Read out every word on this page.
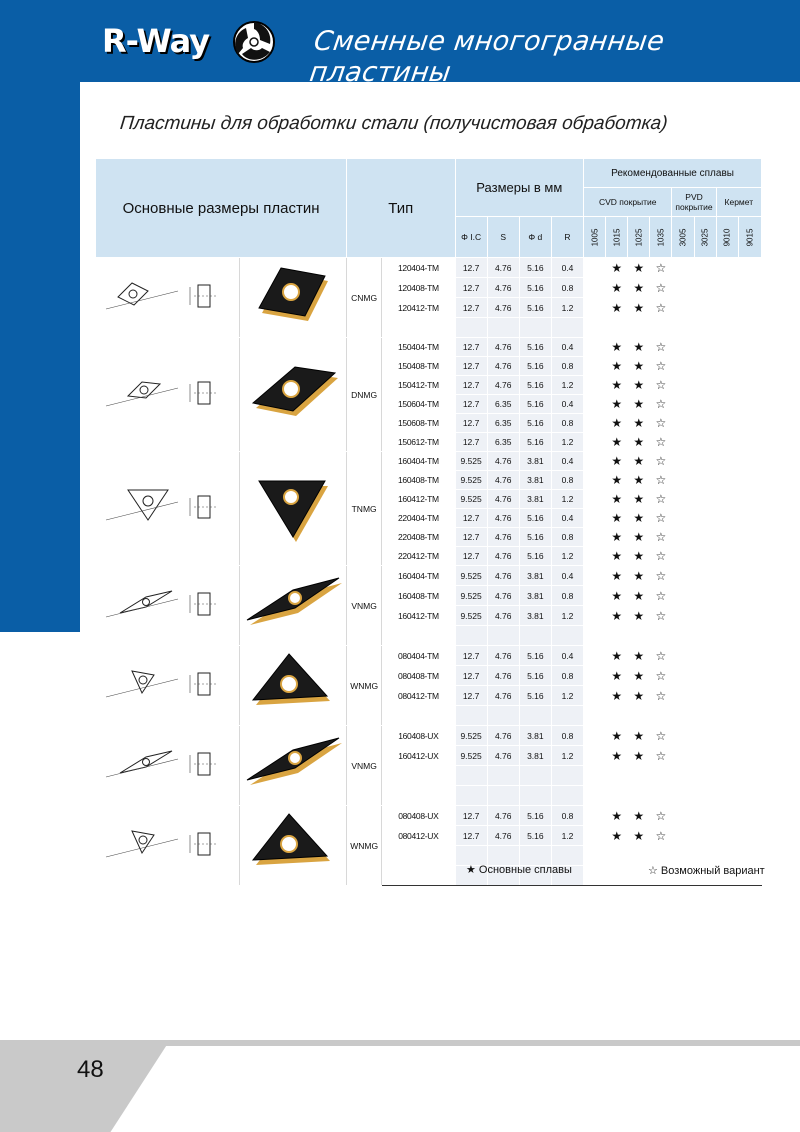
R-Way	Сменные многогранные пластины
Пластины для обработки стали (получистовая обработка)
Основные размеры пластин		Тип		Размеры в мм				Рекомендованные сплавы							
								CVD покрытие				PVD покрытие		Кермет	
				Φ I.C	S	Φ d	R	1005	1015	1025	1035	3005	3025	9010	9015
		CNMG	120404-TM	12.7	4.76	5.16	0.4		★	★	☆				
			120408-TM	12.7	4.76	5.16	0.8		★	★	☆				
			120412-TM	12.7	4.76	5.16	1.2		★	★	☆				

		DNMG	150404-TM	12.7	4.76	5.16	0.4		★	★	☆				
			150408-TM	12.7	4.76	5.16	0.8		★	★	☆				
			150412-TM	12.7	4.76	5.16	1.2		★	★	☆				
			150604-TM	12.7	6.35	5.16	0.4		★	★	☆				
			150608-TM	12.7	6.35	5.16	0.8		★	★	☆				
			150612-TM	12.7	6.35	5.16	1.2		★	★	☆				
		TNMG	160404-TM	9.525	4.76	3.81	0.4		★	★	☆				
			160408-TM	9.525	4.76	3.81	0.8		★	★	☆				
			160412-TM	9.525	4.76	3.81	1.2		★	★	☆				
			220404-TM	12.7	4.76	5.16	0.4		★	★	☆				
			220408-TM	12.7	4.76	5.16	0.8		★	★	☆				
			220412-TM	12.7	4.76	5.16	1.2		★	★	☆				
		VNMG	160404-TM	9.525	4.76	3.81	0.4		★	★	☆				
			160408-TM	9.525	4.76	3.81	0.8		★	★	☆				
			160412-TM	9.525	4.76	3.81	1.2		★	★	☆				

		WNMG	080404-TM	12.7	4.76	5.16	0.4		★	★	☆				
			080408-TM	12.7	4.76	5.16	0.8		★	★	☆				
			080412-TM	12.7	4.76	5.16	1.2		★	★	☆				

		VNMG	160408-UX	9.525	4.76	3.81	0.8		★	★	☆				
			160412-UX	9.525	4.76	3.81	1.2		★	★	☆				

		WNMG	080408-UX	12.7	4.76	5.16	0.8		★	★	☆				
			080412-UX	12.7	4.76	5.16	1.2		★	★	☆				

★ Основные сплавы	☆ Возможный вариант
48
